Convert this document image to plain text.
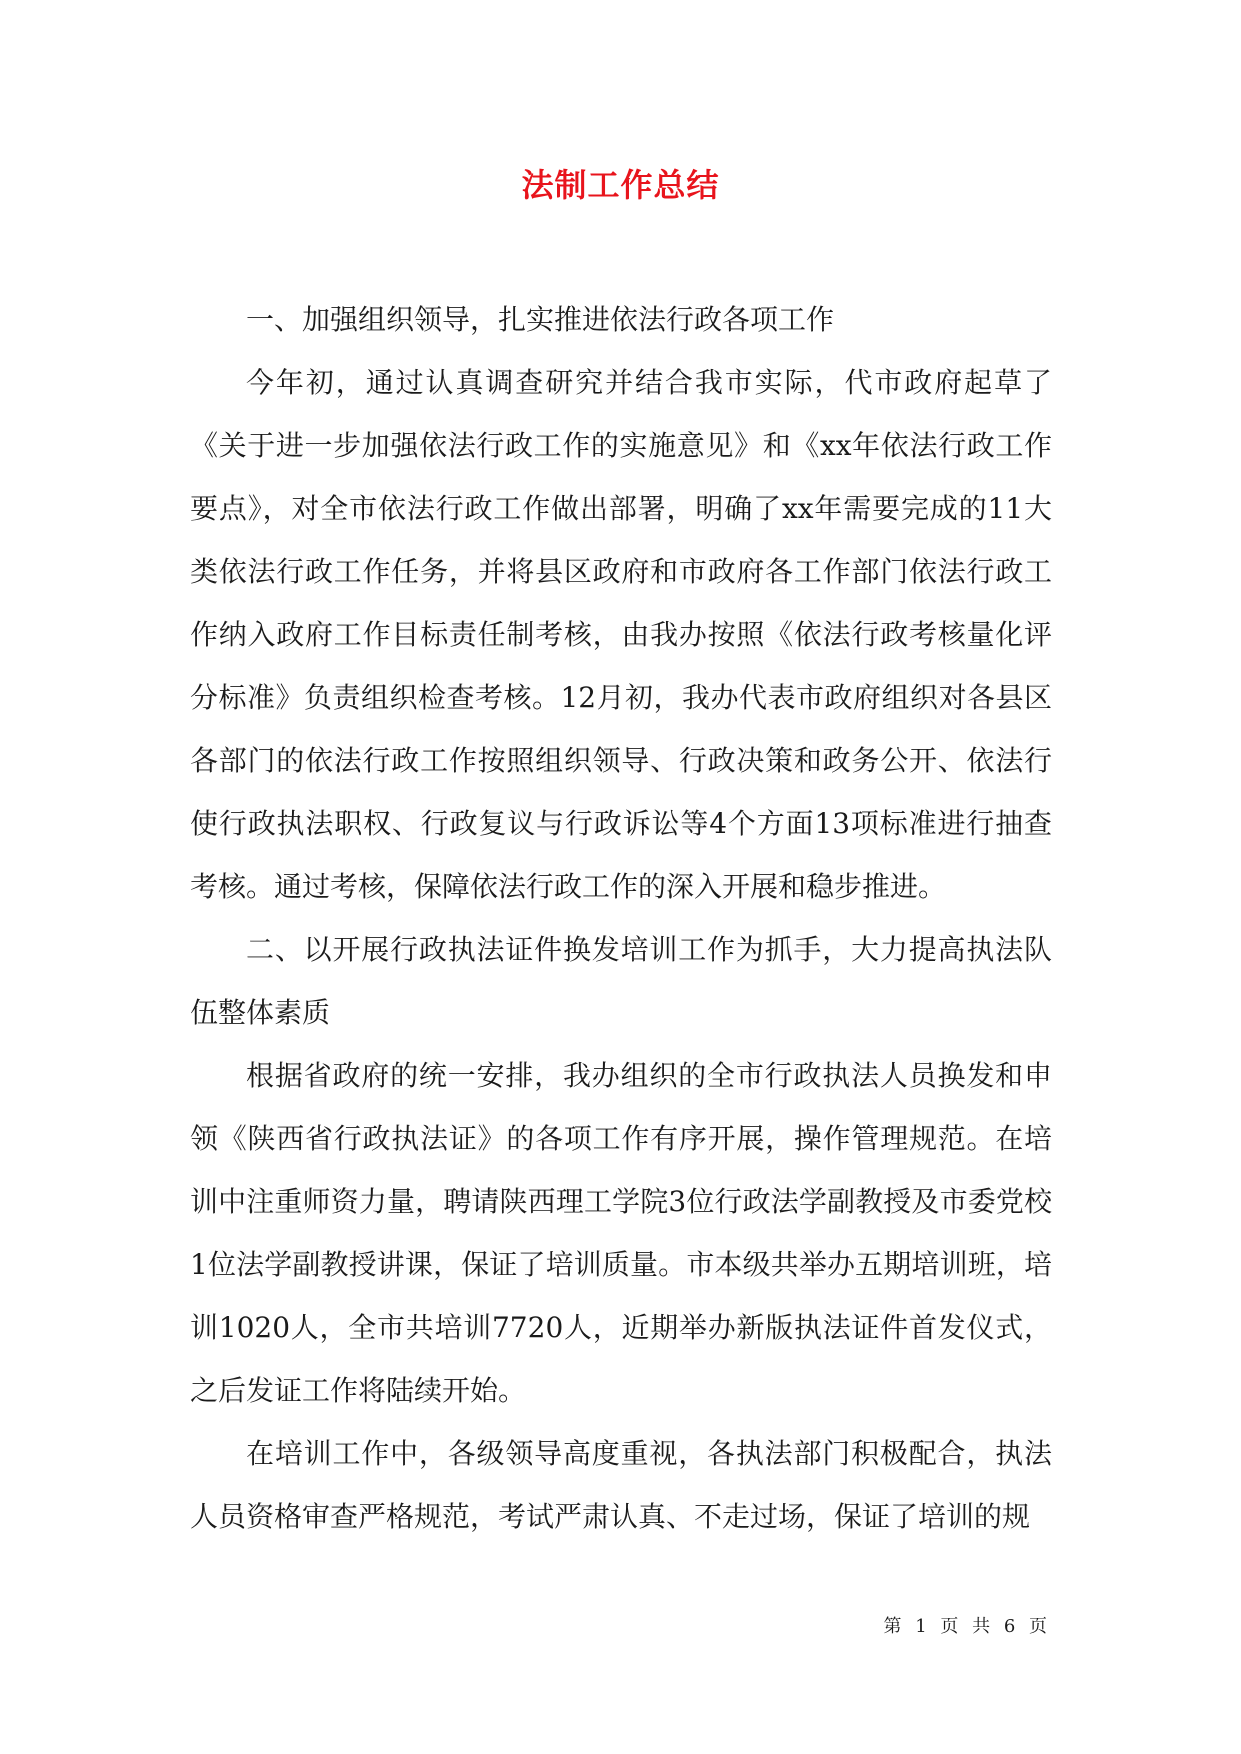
法制工作总结

一、加强组织领导，扎实推进依法行政各项工作

今年初，通过认真调查研究并结合我市实际，代市政府起草了《关于进一步加强依法行政工作的实施意见》和《xx年依法行政工作要点》，对全市依法行政工作做出部署，明确了xx年需要完成的11大类依法行政工作任务，并将县区政府和市政府各工作部门依法行政工作纳入政府工作目标责任制考核，由我办按照《依法行政考核量化评分标准》负责组织检查考核。12月初，我办代表市政府组织对各县区各部门的依法行政工作按照组织领导、行政决策和政务公开、依法行使行政执法职权、行政复议与行政诉讼等4个方面13项标准进行抽查考核。通过考核，保障依法行政工作的深入开展和稳步推进。

二、以开展行政执法证件换发培训工作为抓手，大力提高执法队伍整体素质

根据省政府的统一安排，我办组织的全市行政执法人员换发和申领《陕西省行政执法证》的各项工作有序开展，操作管理规范。在培训中注重师资力量，聘请陕西理工学院3位行政法学副教授及市委党校1位法学副教授讲课，保证了培训质量。市本级共举办五期培训班，培训1020人，全市共培训7720人，近期举办新版执法证件首发仪式，之后发证工作将陆续开始。

在培训工作中，各级领导高度重视，各执法部门积极配合，执法人员资格审查严格规范，考试严肃认真、不走过场，保证了培训的规

第 1 页 共 6 页
